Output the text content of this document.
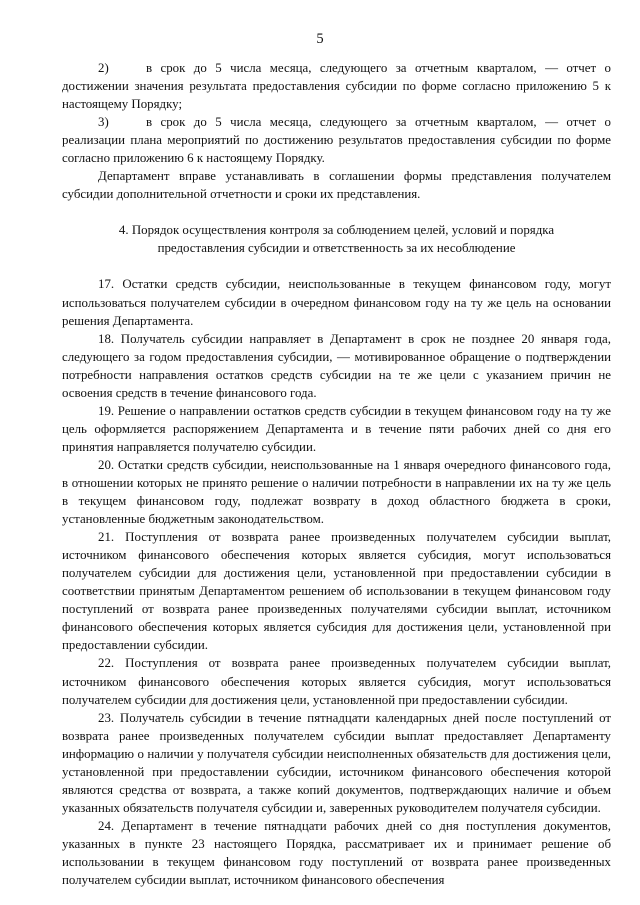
5

2)	в срок до 5 числа месяца, следующего за отчетным кварталом, — отчет о достижении значения результата предоставления субсидии по форме согласно приложению 5 к настоящему Порядку;

3)	в срок до 5 числа месяца, следующего за отчетным кварталом, — отчет о реализации плана мероприятий по достижению результатов предоставления субсидии по форме согласно приложению 6 к настоящему Порядку.

Департамент вправе устанавливать в соглашении формы представления получателем субсидии дополнительной отчетности и сроки их представления.

4. Порядок осуществления контроля за соблюдением целей, условий и порядка
предоставления субсидии и ответственность за их несоблюдение

17. Остатки средств субсидии, неиспользованные в текущем финансовом году, могут использоваться получателем субсидии в очередном финансовом году на ту же цель на основании решения Департамента.

18. Получатель субсидии направляет в Департамент в срок не позднее 20 января года, следующего за годом предоставления субсидии, — мотивированное обращение о подтверждении потребности направления остатков средств субсидии на те же цели с указанием причин не освоения средств в течение финансового года.

19. Решение о направлении остатков средств субсидии в текущем финансовом году на ту же цель оформляется распоряжением Департамента и в течение пяти рабочих дней со дня его принятия направляется получателю субсидии.

20. Остатки средств субсидии, неиспользованные на 1 января очередного финансового года, в отношении которых не принято решение о наличии потребности в направлении их на ту же цель в текущем финансовом году, подлежат возврату в доход областного бюджета в сроки, установленные бюджетным законодательством.

21. Поступления от возврата ранее произведенных получателем субсидии выплат, источником финансового обеспечения которых является субсидия, могут использоваться получателем субсидии для достижения цели, установленной при предоставлении субсидии в соответствии принятым Департаментом решением об использовании в текущем финансовом году поступлений от возврата ранее произведенных получателями субсидии выплат, источником финансового обеспечения которых является субсидия для достижения цели, установленной при предоставлении субсидии.

22. Поступления от возврата ранее произведенных получателем субсидии выплат, источником финансового обеспечения которых является субсидия, могут использоваться получателем субсидии для достижения цели, установленной при предоставлении субсидии.

23. Получатель субсидии в течение пятнадцати календарных дней после поступлений от возврата ранее произведенных получателем субсидии выплат предоставляет Департаменту информацию о наличии у получателя субсидии неисполненных обязательств для достижения цели, установленной при предоставлении субсидии, источником финансового обеспечения которой являются средства от возврата, а также копий документов, подтверждающих наличие и объем указанных обязательств получателя субсидии и, заверенных руководителем получателя субсидии.

24. Департамент в течение пятнадцати рабочих дней со дня поступления документов, указанных в пункте 23 настоящего Порядка, рассматривает их и принимает решение об использовании в текущем финансовом году поступлений от возврата ранее произведенных получателем субсидии выплат, источником финансового обеспечения
